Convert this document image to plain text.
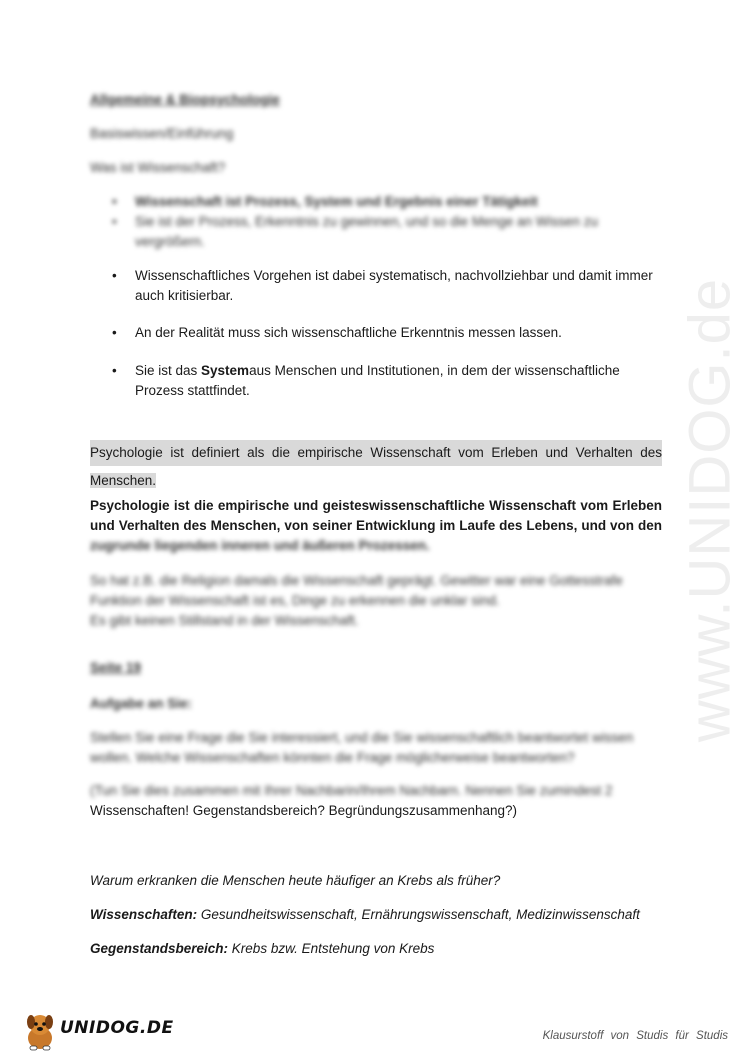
www.UNIDOG.de
Allgemeine & Biopsychologie
Basiswissen/Einführung
Was ist Wissenschaft?
• Wissenschaft ist Prozess, System und Ergebnis einer Tätigkeit
• Sie ist der Prozess, Erkenntnis zu gewinnen, und so die Menge an Wissen zu vergrößern.
• Wissenschaftliches Vorgehen ist dabei systematisch, nachvollziehbar und damit immer auch kritisierbar.
• An der Realität muss sich wissenschaftliche Erkenntnis messen lassen.
• Sie ist das Systemaus Menschen und Institutionen, in dem der wissenschaftliche Prozess stattfindet.
Psychologie ist definiert als die empirische Wissenschaft vom Erleben und Verhalten des
Menschen.
Psychologie ist die empirische und geisteswissenschaftliche Wissenschaft vom Erleben und Verhalten des Menschen, von seiner Entwicklung im Laufe des Lebens, und von den
zugrunde liegenden inneren und äußeren Prozessen.
So hat z.B. die Religion damals die Wissenschaft geprägt. Gewitter war eine Gottesstrafe
Funktion der Wissenschaft ist es, Dinge zu erkennen die unklar sind.
Es gibt keinen Stillstand in der Wissenschaft.
Seite 19
Aufgabe an Sie:
Stellen Sie eine Frage die Sie interessiert, und die Sie wissenschaftlich beantwortet wissen wollen. Welche Wissenschaften könnten die Frage möglicherweise beantworten?
(Tun Sie dies zusammen mit Ihrer Nachbarin/Ihrem Nachbarn. Nennen Sie zumindest 2
Wissenschaften! Gegenstandsbereich? Begründungszusammenhang?)
Warum erkranken die Menschen heute häufiger an Krebs als früher?
Wissenschaften: Gesundheitswissenschaft, Ernährungswissenschaft, Medizinwissenschaft
Gegenstandsbereich: Krebs bzw. Entstehung von Krebs
UNIDOG.DE	Klausurstoff von Studis für Studis
